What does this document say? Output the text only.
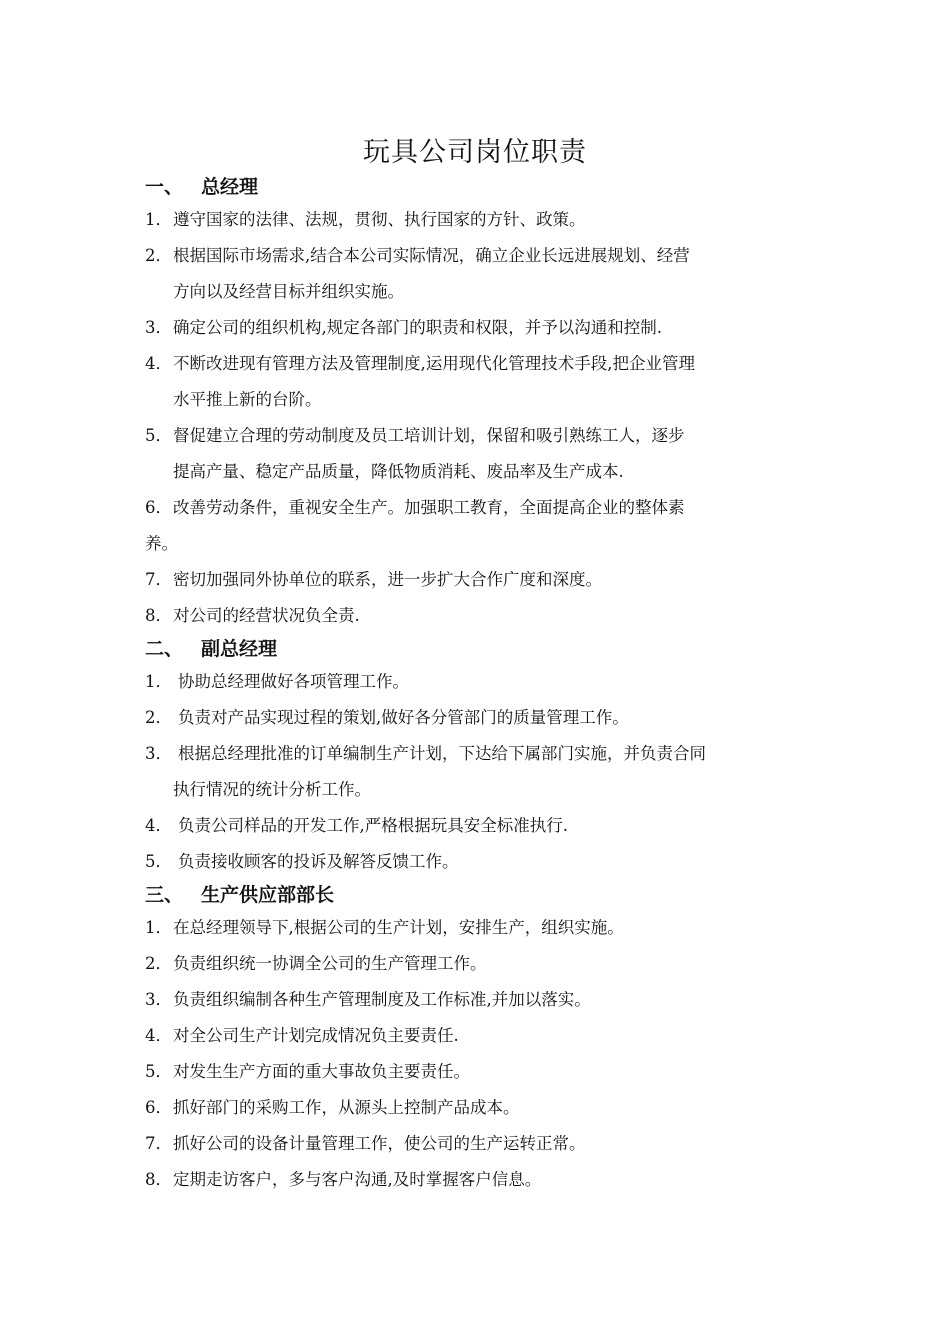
玩具公司岗位职责
一、 总经理
1．遵守国家的法律、法规，贯彻、执行国家的方针、政策。
2．根据国际市场需求,结合本公司实际情况，确立企业长远进展规划、经营
方向以及经营目标并组织实施。
3．确定公司的组织机构,规定各部门的职责和权限，并予以沟通和控制.
4．不断改进现有管理方法及管理制度,运用现代化管理技术手段,把企业管理
水平推上新的台阶。
5．督促建立合理的劳动制度及员工培训计划，保留和吸引熟练工人，逐步
提高产量、稳定产品质量，降低物质消耗、废品率及生产成本.
6．改善劳动条件，重视安全生产。加强职工教育，全面提高企业的整体素
养。
7．密切加强同外协单位的联系，进一步扩大合作广度和深度。
8．对公司的经营状况负全责.
二、 副总经理
1． 协助总经理做好各项管理工作。
2． 负责对产品实现过程的策划,做好各分管部门的质量管理工作。
3． 根据总经理批准的订单编制生产计划，下达给下属部门实施，并负责合同
执行情况的统计分析工作。
4． 负责公司样品的开发工作,严格根据玩具安全标准执行.
5． 负责接收顾客的投诉及解答反馈工作。
三、 生产供应部部长
1．在总经理领导下,根据公司的生产计划，安排生产，组织实施。
2．负责组织统一协调全公司的生产管理工作。
3．负责组织编制各种生产管理制度及工作标准,并加以落实。
4．对全公司生产计划完成情况负主要责任.
5．对发生生产方面的重大事故负主要责任。
6．抓好部门的采购工作，从源头上控制产品成本。
7．抓好公司的设备计量管理工作，使公司的生产运转正常。
8．定期走访客户，多与客户沟通,及时掌握客户信息。
